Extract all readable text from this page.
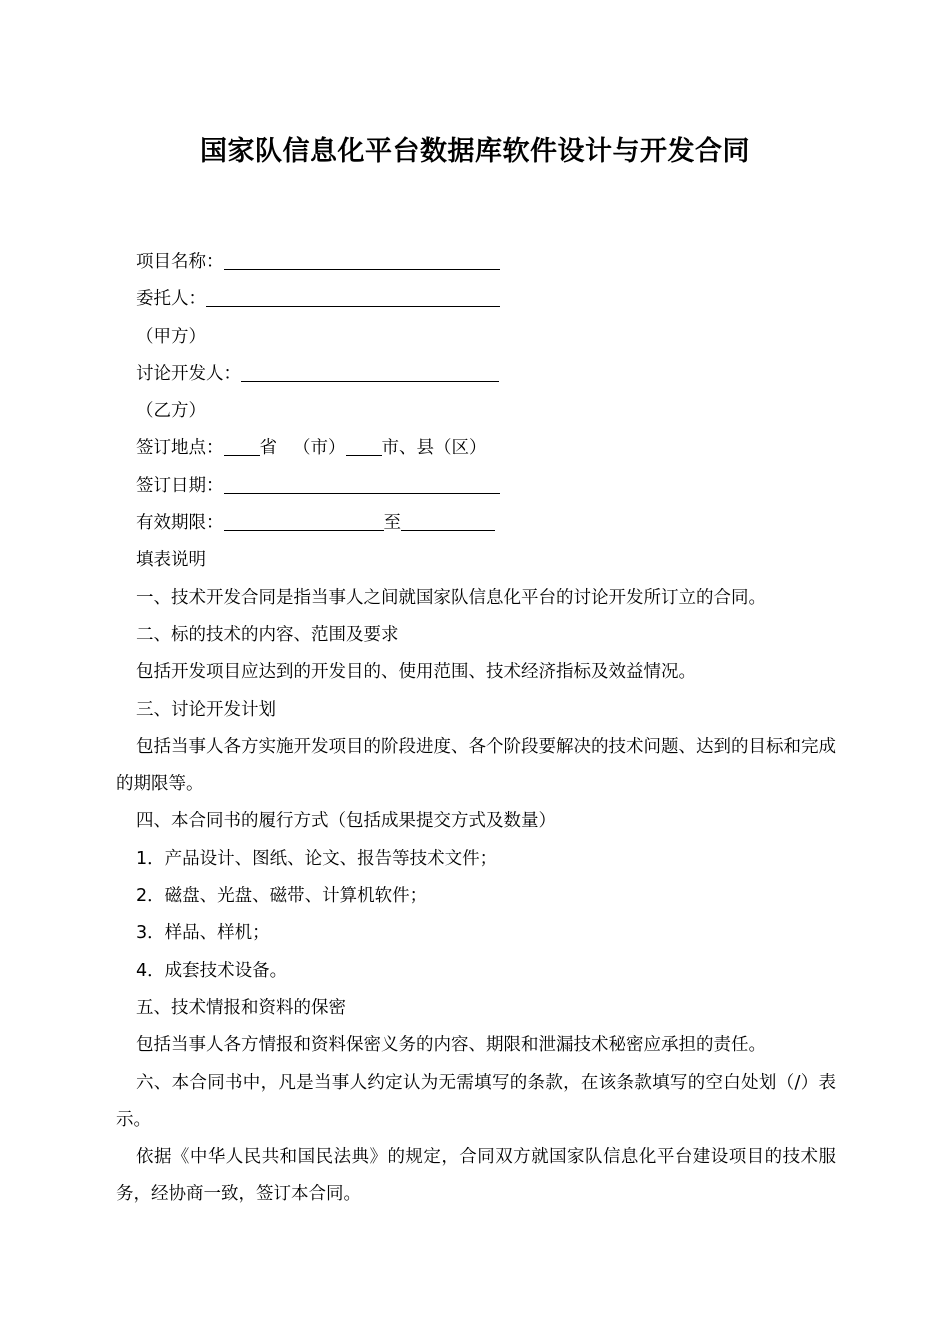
国家队信息化平台数据库软件设计与开发合同

项目名称：

委托人：

（甲方）

讨论开发人：

（乙方）

签订地点： 省 （市） 市、县（区）

签订日期：

有效期限：	至

填表说明

一、技术开发合同是指当事人之间就国家队信息化平台的讨论开发所订立的合同。

二、标的技术的内容、范围及要求

包括开发项目应达到的开发目的、使用范围、技术经济指标及效益情况。

三、讨论开发计划

包括当事人各方实施开发项目的阶段进度、各个阶段要解决的技术问题、达到的目标和完成的期限等。

四、本合同书的履行方式（包括成果提交方式及数量）

1．产品设计、图纸、论文、报告等技术文件；

2．磁盘、光盘、磁带、计算机软件；

3．样品、样机；

4．成套技术设备。

五、技术情报和资料的保密

包括当事人各方情报和资料保密义务的内容、期限和泄漏技术秘密应承担的责任。

六、本合同书中，凡是当事人约定认为无需填写的条款，在该条款填写的空白处划（/）表示。

依据《中华人民共和国民法典》的规定，合同双方就国家队信息化平台建设项目的技术服务，经协商一致，签订本合同。
